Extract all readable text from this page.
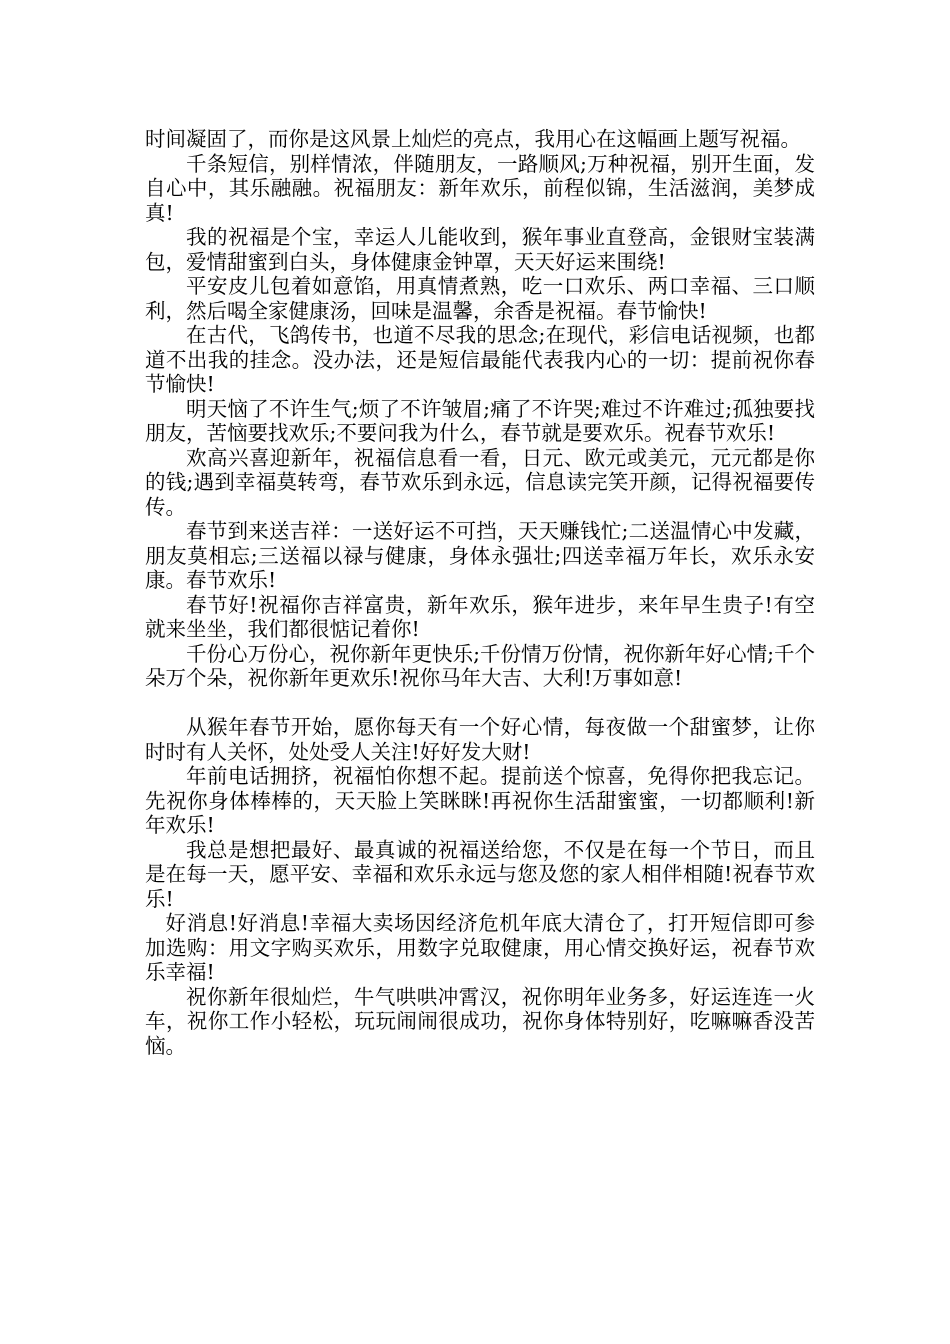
时间凝固了，而你是这风景上灿烂的亮点，我用心在这幅画上题写祝福。

千条短信，别样情浓，伴随朋友，一路顺风;万种祝福，别开生面，发自心中，其乐融融。祝福朋友：新年欢乐，前程似锦，生活滋润，美梦成真!

我的祝福是个宝，幸运人儿能收到，猴年事业直登高，金银财宝装满包，爱情甜蜜到白头，身体健康金钟罩，天天好运来围绕!

平安皮儿包着如意馅，用真情煮熟，吃一口欢乐、两口幸福、三口顺利，然后喝全家健康汤，回味是温馨，余香是祝福。春节愉快!

在古代，飞鸽传书，也道不尽我的思念;在现代，彩信电话视频，也都道不出我的挂念。没办法，还是短信最能代表我内心的一切：提前祝你春节愉快!

明天恼了不许生气;烦了不许皱眉;痛了不许哭;难过不许难过;孤独要找朋友，苦恼要找欢乐;不要问我为什么，春节就是要欢乐。祝春节欢乐!

欢高兴喜迎新年，祝福信息看一看，日元、欧元或美元，元元都是你的钱;遇到幸福莫转弯，春节欢乐到永远，信息读完笑开颜，记得祝福要传传。

春节到来送吉祥：一送好运不可挡，天天赚钱忙;二送温情心中发藏，朋友莫相忘;三送福以禄与健康，身体永强壮;四送幸福万年长，欢乐永安康。春节欢乐!

春节好!祝福你吉祥富贵，新年欢乐，猴年进步，来年早生贵子!有空就来坐坐，我们都很惦记着你!

千份心万份心，祝你新年更快乐;千份情万份情，祝你新年好心情;千个朵万个朵，祝你新年更欢乐!祝你马年大吉、大利!万事如意!

从猴年春节开始，愿你每天有一个好心情，每夜做一个甜蜜梦，让你时时有人关怀，处处受人关注!好好发大财!

年前电话拥挤，祝福怕你想不起。提前送个惊喜，免得你把我忘记。先祝你身体棒棒的，天天脸上笑眯眯!再祝你生活甜蜜蜜，一切都顺利!新年欢乐!

我总是想把最好、最真诚的祝福送给您，不仅是在每一个节日，而且是在每一天，愿平安、幸福和欢乐永远与您及您的家人相伴相随!祝春节欢乐!

好消息!好消息!幸福大卖场因经济危机年底大清仓了，打开短信即可参加选购：用文字购买欢乐，用数字兑取健康，用心情交换好运，祝春节欢乐幸福!

祝你新年很灿烂，牛气哄哄冲霄汉，祝你明年业务多，好运连连一火车，祝你工作小轻松，玩玩闹闹很成功，祝你身体特别好，吃嘛嘛香没苦恼。
